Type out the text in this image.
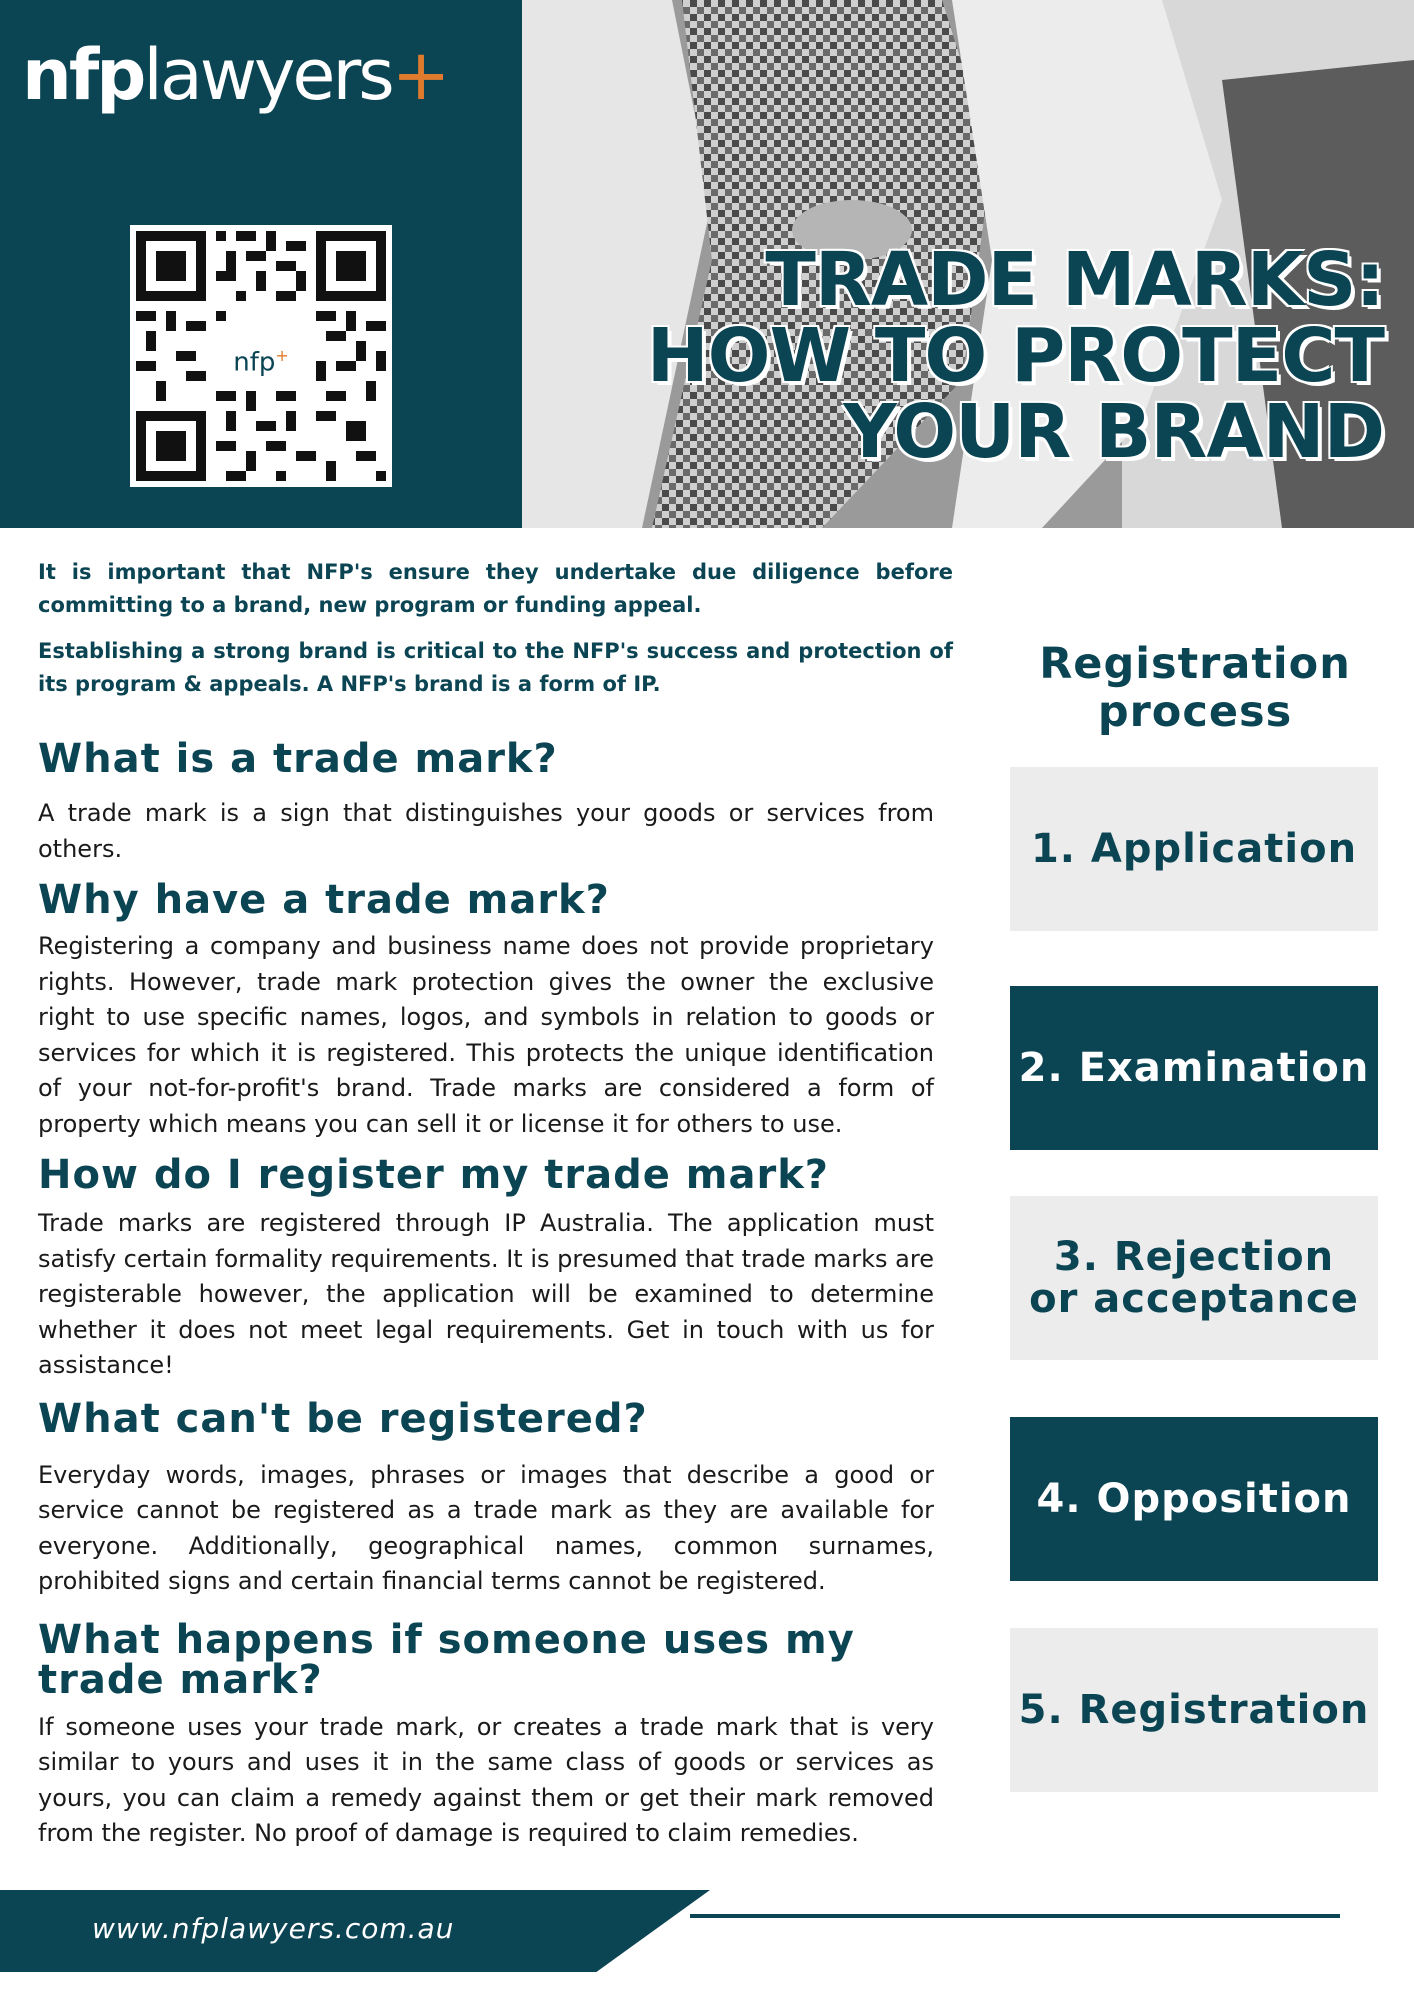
nfplawyers+
nfp+
TRADE MARKS:
HOW TO PROTECT
YOUR BRAND

It is important that NFP's ensure they undertake due diligence before committing to a brand, new program or funding appeal.

Establishing a strong brand is critical to the NFP's success and protection of its program & appeals. A NFP's brand is a form of IP.

What is a trade mark?

A trade mark is a sign that distinguishes your goods or services from others.

Why have a trade mark?

Registering a company and business name does not provide proprietary rights. However, trade mark protection gives the owner the exclusive right to use specific names, logos, and symbols in relation to goods or services for which it is registered. This protects the unique identification of your not-for-profit's brand. Trade marks are considered a form of property which means you can sell it or license it for others to use.

How do I register my trade mark?

Trade marks are registered through IP Australia. The application must satisfy certain formality requirements. It is presumed that trade marks are registerable however, the application will be examined to determine whether it does not meet legal requirements. Get in touch with us for assistance!

What can't be registered?

Everyday words, images, phrases or images that describe a good or service cannot be registered as a trade mark as they are available for everyone. Additionally, geographical names, common surnames, prohibited signs and certain financial terms cannot be registered.

What happens if someone uses my trade mark?

If someone uses your trade mark, or creates a trade mark that is very similar to yours and uses it in the same class of goods or services as yours, you can claim a remedy against them or get their mark removed from the register. No proof of damage is required to claim remedies.

Registration process
1. Application
2. Examination
3. Rejection or acceptance
4. Opposition
5. Registration
www.nfplawyers.com.au
